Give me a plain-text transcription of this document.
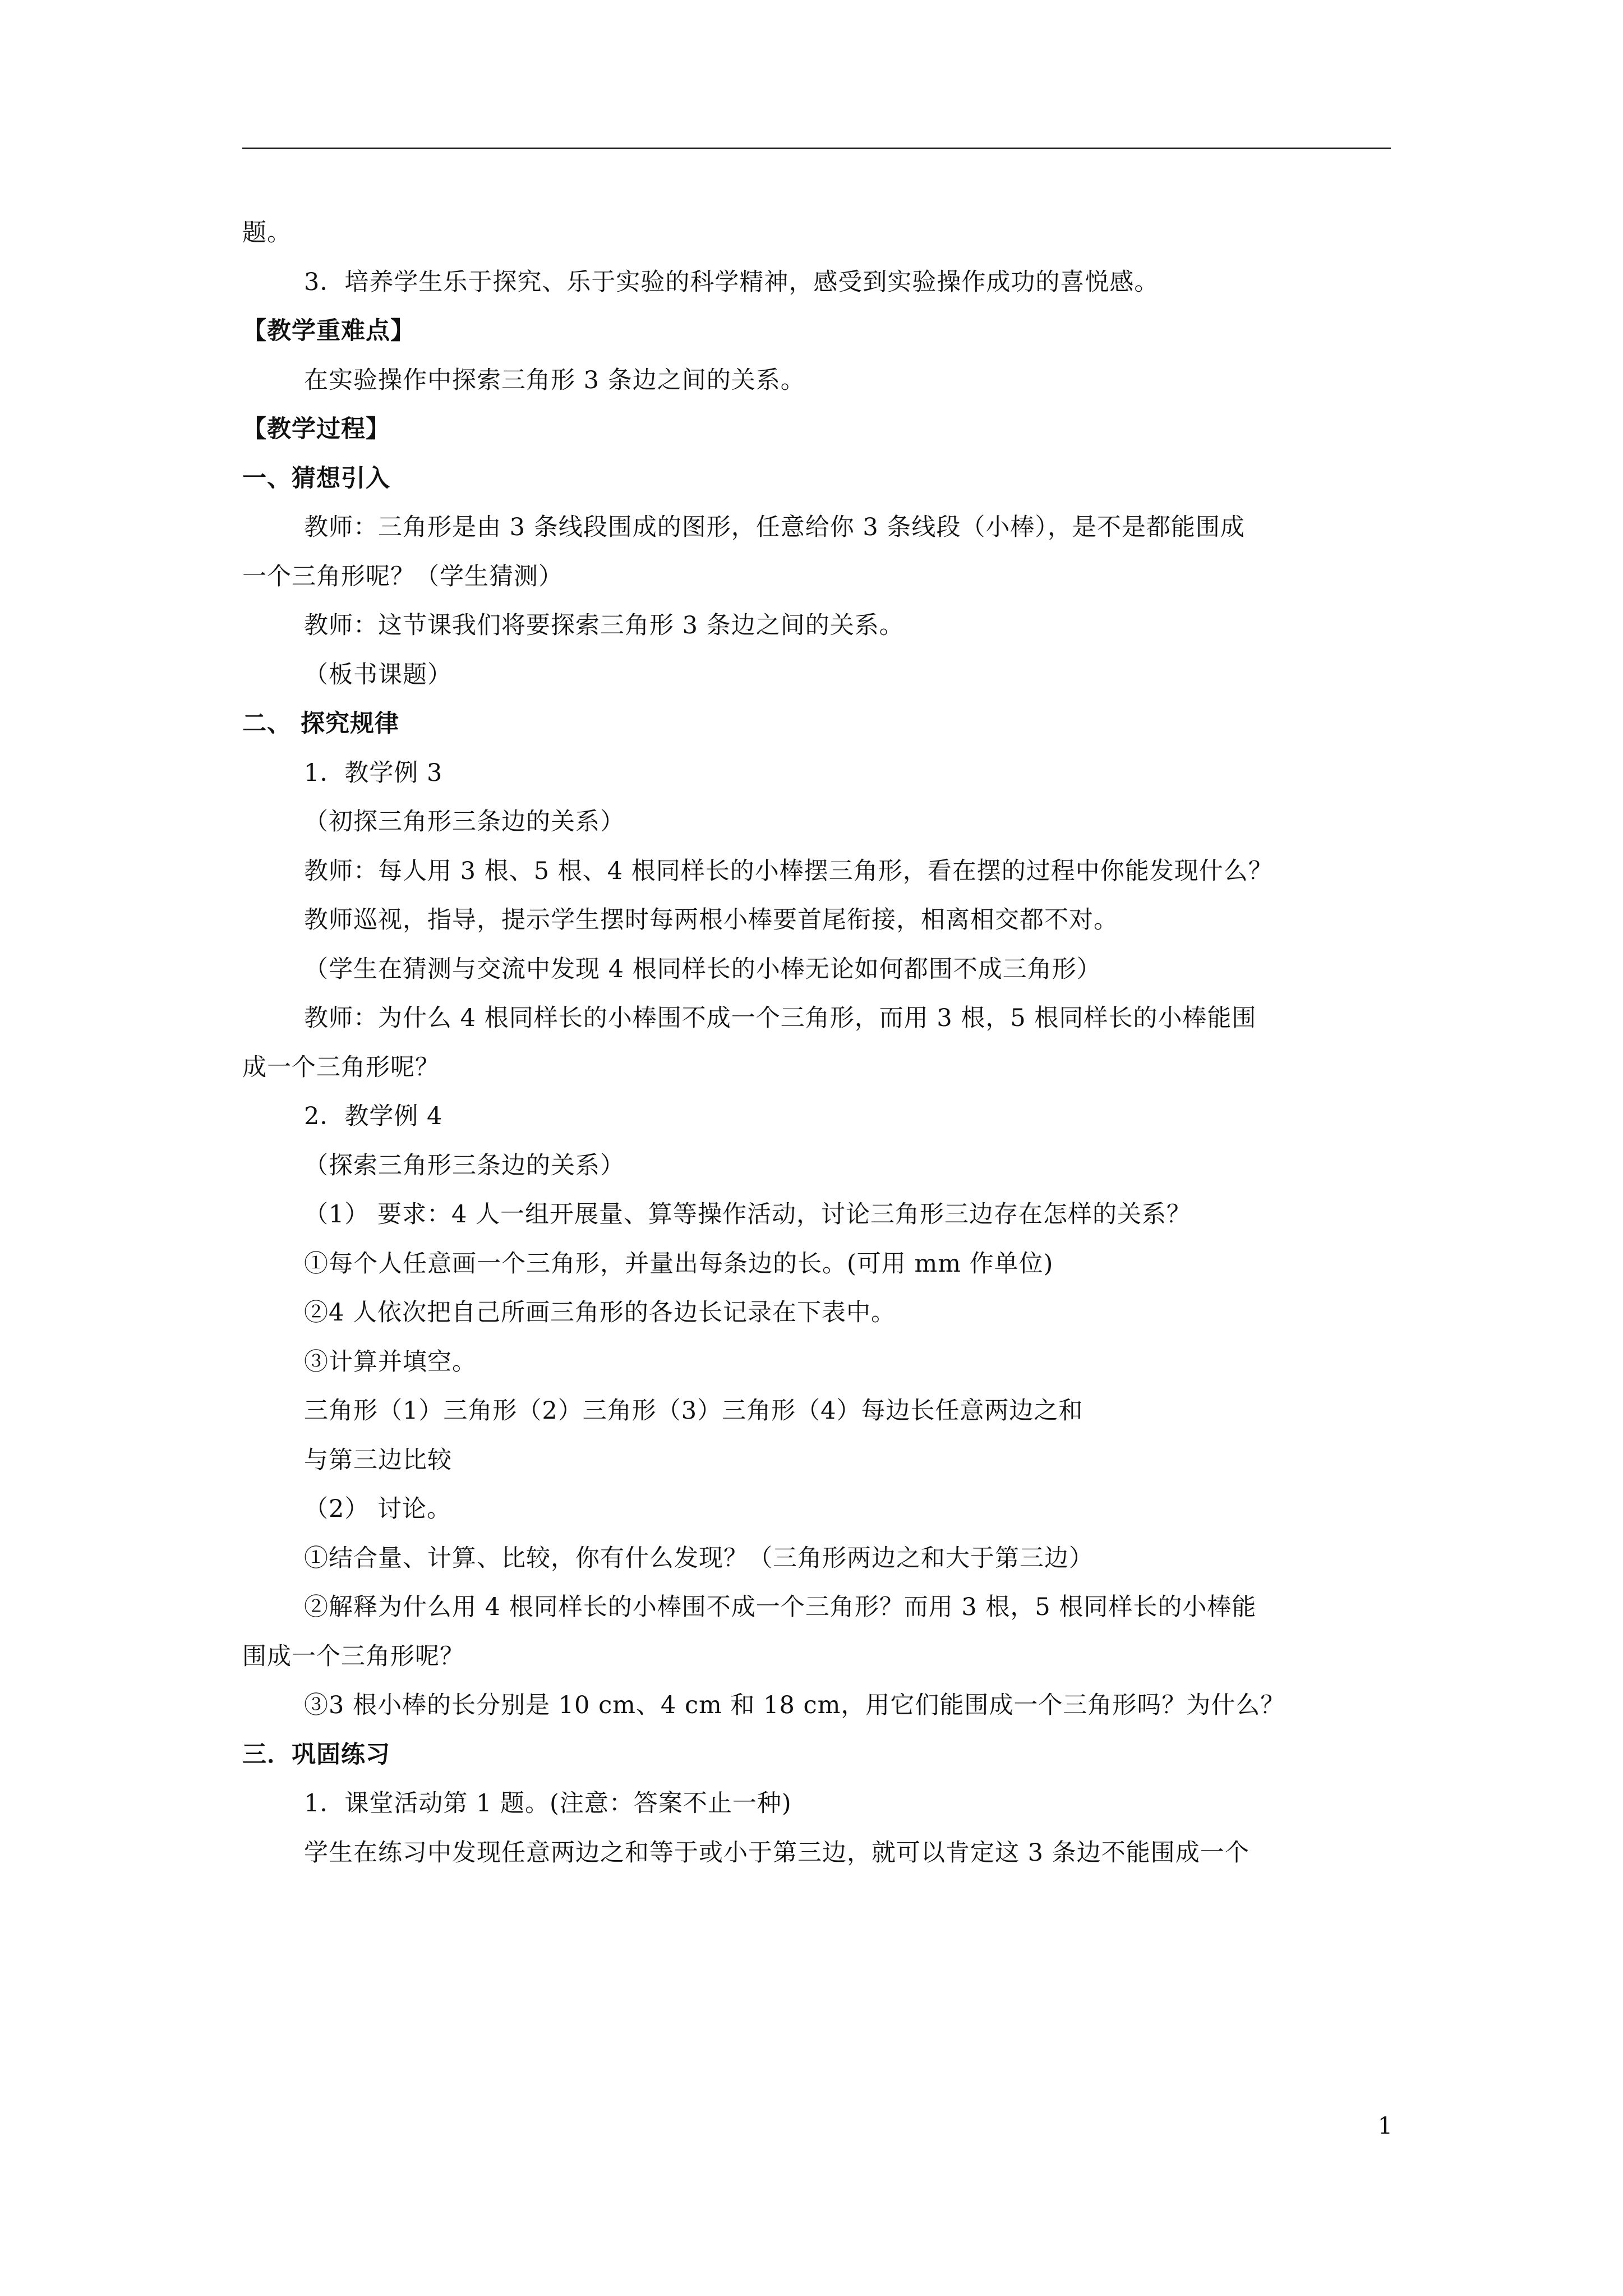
题。
3．培养学生乐于探究、乐于实验的科学精神，感受到实验操作成功的喜悦感。
【教学重难点】
在实验操作中探索三角形 3 条边之间的关系。
【教学过程】
一、猜想引入
教师：三角形是由 3 条线段围成的图形，任意给你 3 条线段（小棒），是不是都能围成
一个三角形呢？（学生猜测）
教师：这节课我们将要探索三角形 3 条边之间的关系。
（板书课题）
二、 探究规律
1．教学例 3
（初探三角形三条边的关系）
教师：每人用 3 根、5 根、4 根同样长的小棒摆三角形，看在摆的过程中你能发现什么？
教师巡视，指导，提示学生摆时每两根小棒要首尾衔接，相离相交都不对。
（学生在猜测与交流中发现 4 根同样长的小棒无论如何都围不成三角形）
教师：为什么 4 根同样长的小棒围不成一个三角形，而用 3 根，5 根同样长的小棒能围
成一个三角形呢？
2．教学例 4
（探索三角形三条边的关系）
（1） 要求：4 人一组开展量、算等操作活动，讨论三角形三边存在怎样的关系？
①每个人任意画一个三角形，并量出每条边的长。(可用 mm 作单位)
②4 人依次把自己所画三角形的各边长记录在下表中。
③计算并填空。
三角形（1）三角形（2）三角形（3）三角形（4）每边长任意两边之和
与第三边比较
（2） 讨论。
①结合量、计算、比较，你有什么发现？（三角形两边之和大于第三边）
②解释为什么用 4 根同样长的小棒围不成一个三角形？而用 3 根，5 根同样长的小棒能
围成一个三角形呢？
③3 根小棒的长分别是 10 cm、4 cm 和 18 cm，用它们能围成一个三角形吗？为什么？
三．巩固练习
1．课堂活动第 1 题。(注意：答案不止一种)
学生在练习中发现任意两边之和等于或小于第三边，就可以肯定这 3 条边不能围成一个
1
